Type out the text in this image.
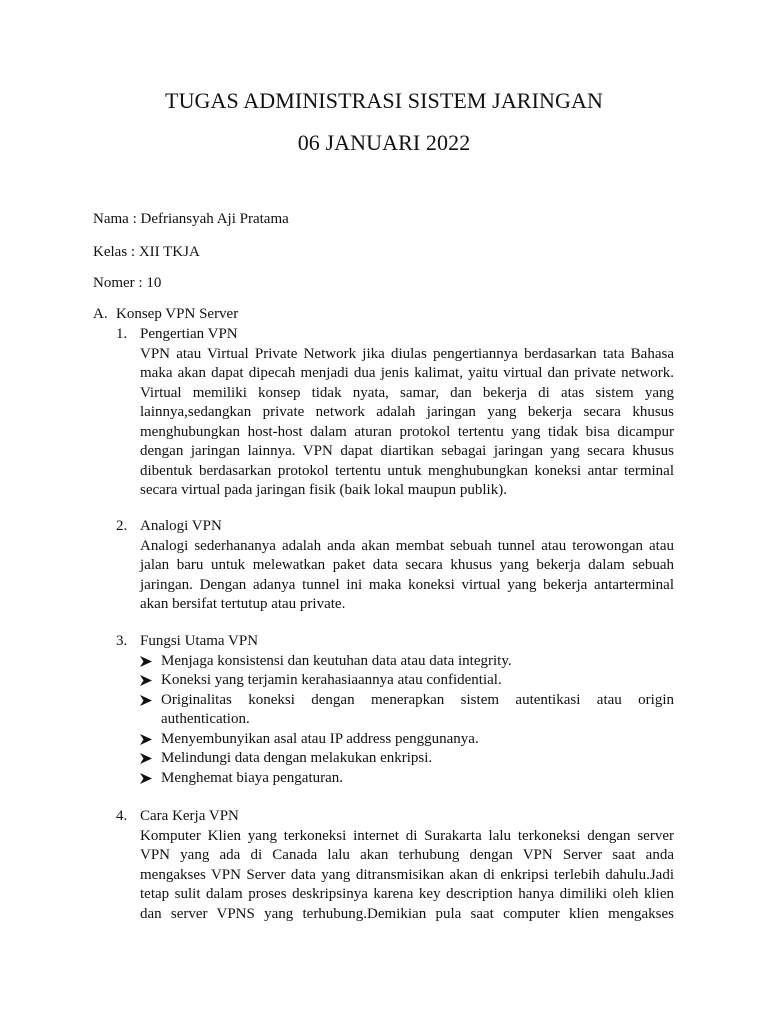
TUGAS ADMINISTRASI SISTEM JARINGAN
06 JANUARI 2022
Nama : Defriansyah Aji Pratama
Kelas : XII TKJA
Nomer : 10
A. Konsep VPN Server
1. Pengertian VPN
VPN atau Virtual Private Network jika diulas pengertiannya berdasarkan tata Bahasa
maka akan dapat dipecah menjadi dua jenis kalimat, yaitu virtual dan private network.
Virtual memiliki konsep tidak nyata, samar, dan bekerja di atas sistem yang
lainnya,sedangkan private network adalah jaringan yang bekerja secara khusus
menghubungkan host-host dalam aturan protokol tertentu yang tidak bisa dicampur
dengan jaringan lainnya. VPN dapat diartikan sebagai jaringan yang secara khusus
dibentuk berdasarkan protokol tertentu untuk menghubungkan koneksi antar terminal
secara virtual pada jaringan fisik (baik lokal maupun publik).
2. Analogi VPN
Analogi sederhananya adalah anda akan membat sebuah tunnel atau terowongan atau
jalan baru untuk melewatkan paket data secara khusus yang bekerja dalam sebuah
jaringan. Dengan adanya tunnel ini maka koneksi virtual yang bekerja antarterminal
akan bersifat tertutup atau private.
3. Fungsi Utama VPN
Menjaga konsistensi dan keutuhan data atau data integrity.
Koneksi yang terjamin kerahasiaannya atau confidential.
Originalitas koneksi dengan menerapkan sistem autentikasi atau origin
authentication.
Menyembunyikan asal atau IP address penggunanya.
Melindungi data dengan melakukan enkripsi.
Menghemat biaya pengaturan.
4. Cara Kerja VPN
Komputer Klien yang terkoneksi internet di Surakarta lalu terkoneksi dengan server
VPN yang ada di Canada lalu akan terhubung dengan VPN Server saat anda
mengakses VPN Server data yang ditransmisikan akan di enkripsi terlebih dahulu.Jadi
tetap sulit dalam proses deskripsinya karena key description hanya dimiliki oleh klien
dan server VPNS yang terhubung.Demikian pula saat computer klien mengakses
